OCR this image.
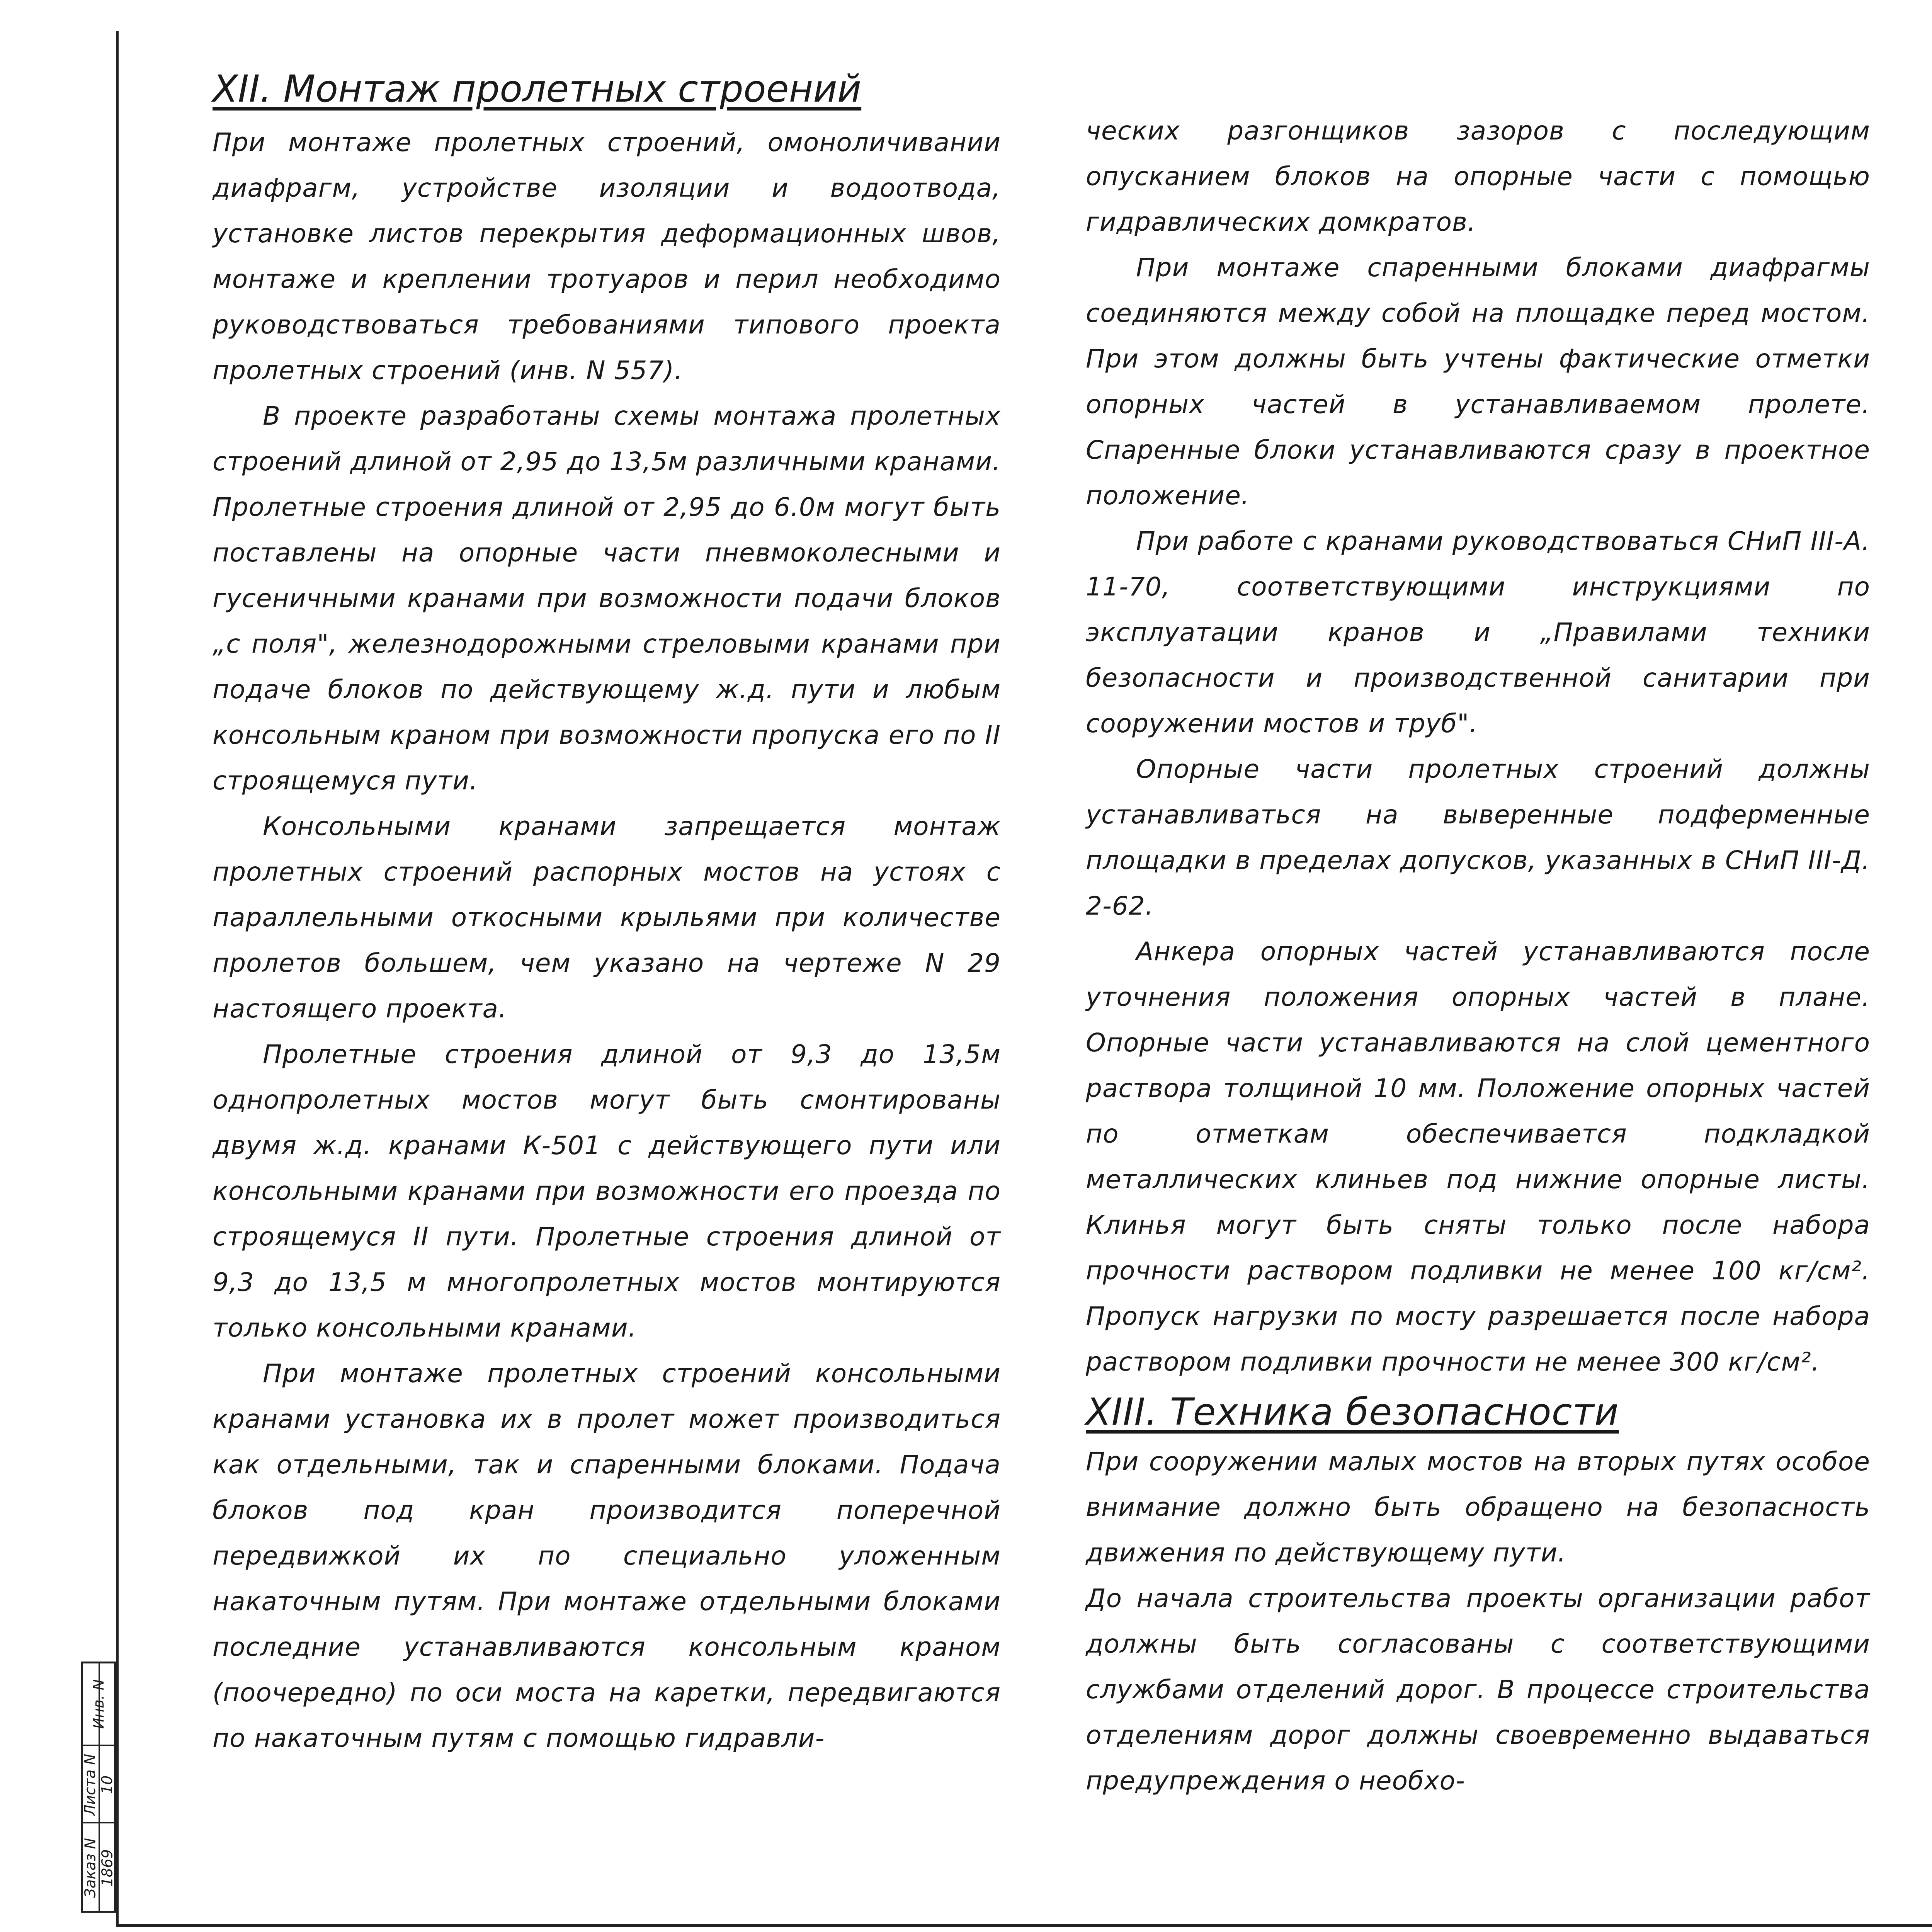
XII. Монтаж пролетных строений

При монтаже пролетных строений, омоноличивании диафрагм, устройстве изоляции и водоотвода, установке листов перекрытия деформационных швов, монтаже и креплении тротуаров и перил необходимо руководствоваться требованиями типового проекта пролетных строений (инв. N 557).

В проекте разработаны схемы монтажа пролетных строений длиной от 2,95 до 13,5м различными кранами. Пролетные строения длиной от 2,95 до 6.0м могут быть поставлены на опорные части пневмоколесными и гусеничными кранами при возможности подачи блоков „с поля", железнодорожными стреловыми кранами при подаче блоков по действующему ж.д. пути и любым консольным краном при возможности пропуска его по II строящемуся пути.

Консольными кранами запрещается монтаж пролетных строений распорных мостов на устоях с параллельными откосными крыльями при количестве пролетов большем, чем указано на чертеже N 29 настоящего проекта.

Пролетные строения длиной от 9,3 до 13,5м однопролетных мостов могут быть смонтированы двумя ж.д. кранами К-501 с действующего пути или консольными кранами при возможности его проезда по строящемуся II пути. Пролетные строения длиной от 9,3 до 13,5 м многопролетных мостов монтируются только консольными кранами.

При монтаже пролетных строений консольными кранами установка их в пролет может производиться как отдельными, так и спаренными блоками. Подача блоков под кран производится поперечной передвижкой их по специально уложенным накаточным путям. При монтаже отдельными блоками последние устанавливаются консольным краном (поочередно) по оси моста на каретки, передвигаются по накаточным путям с помощью гидравли-

ческих разгонщиков зазоров с последующим опусканием блоков на опорные части с помощью гидравлических домкратов.

При монтаже спаренными блоками диафрагмы соединяются между собой на площадке перед мостом. При этом должны быть учтены фактические отметки опорных частей в устанавливаемом пролете. Спаренные блоки устанавливаются сразу в проектное положение.

При работе с кранами руководствоваться СНиП III-А. 11-70, соответствующими инструкциями по эксплуатации кранов и „Правилами техники безопасности и производственной санитарии при сооружении мостов и труб".

Опорные части пролетных строений должны устанавливаться на выверенные подферменные площадки в пределах допусков, указанных в СНиП III-Д. 2-62.

Анкера опорных частей устанавливаются после уточнения положения опорных частей в плане. Опорные части устанавливаются на слой цементного раствора толщиной 10 мм. Положение опорных частей по отметкам обеспечивается подкладкой металлических клиньев под нижние опорные листы. Клинья могут быть сняты только после набора прочности раствором подливки не менее 100 кг/см². Пропуск нагрузки по мосту разрешается после набора раствором подливки прочности не менее 300 кг/см².

XIII. Техника безопасности

При сооружении малых мостов на вторых путях особое внимание должно быть обращено на безопасность движения по действующему пути.

До начала строительства проекты организации работ должны быть согласованы с соответствующими службами отделений дорог. В процессе строительства отделениям дорог должны своевременно выдаваться предупреждения о необхо-

Инв. N
Листа N 10
Заказ N 1869
